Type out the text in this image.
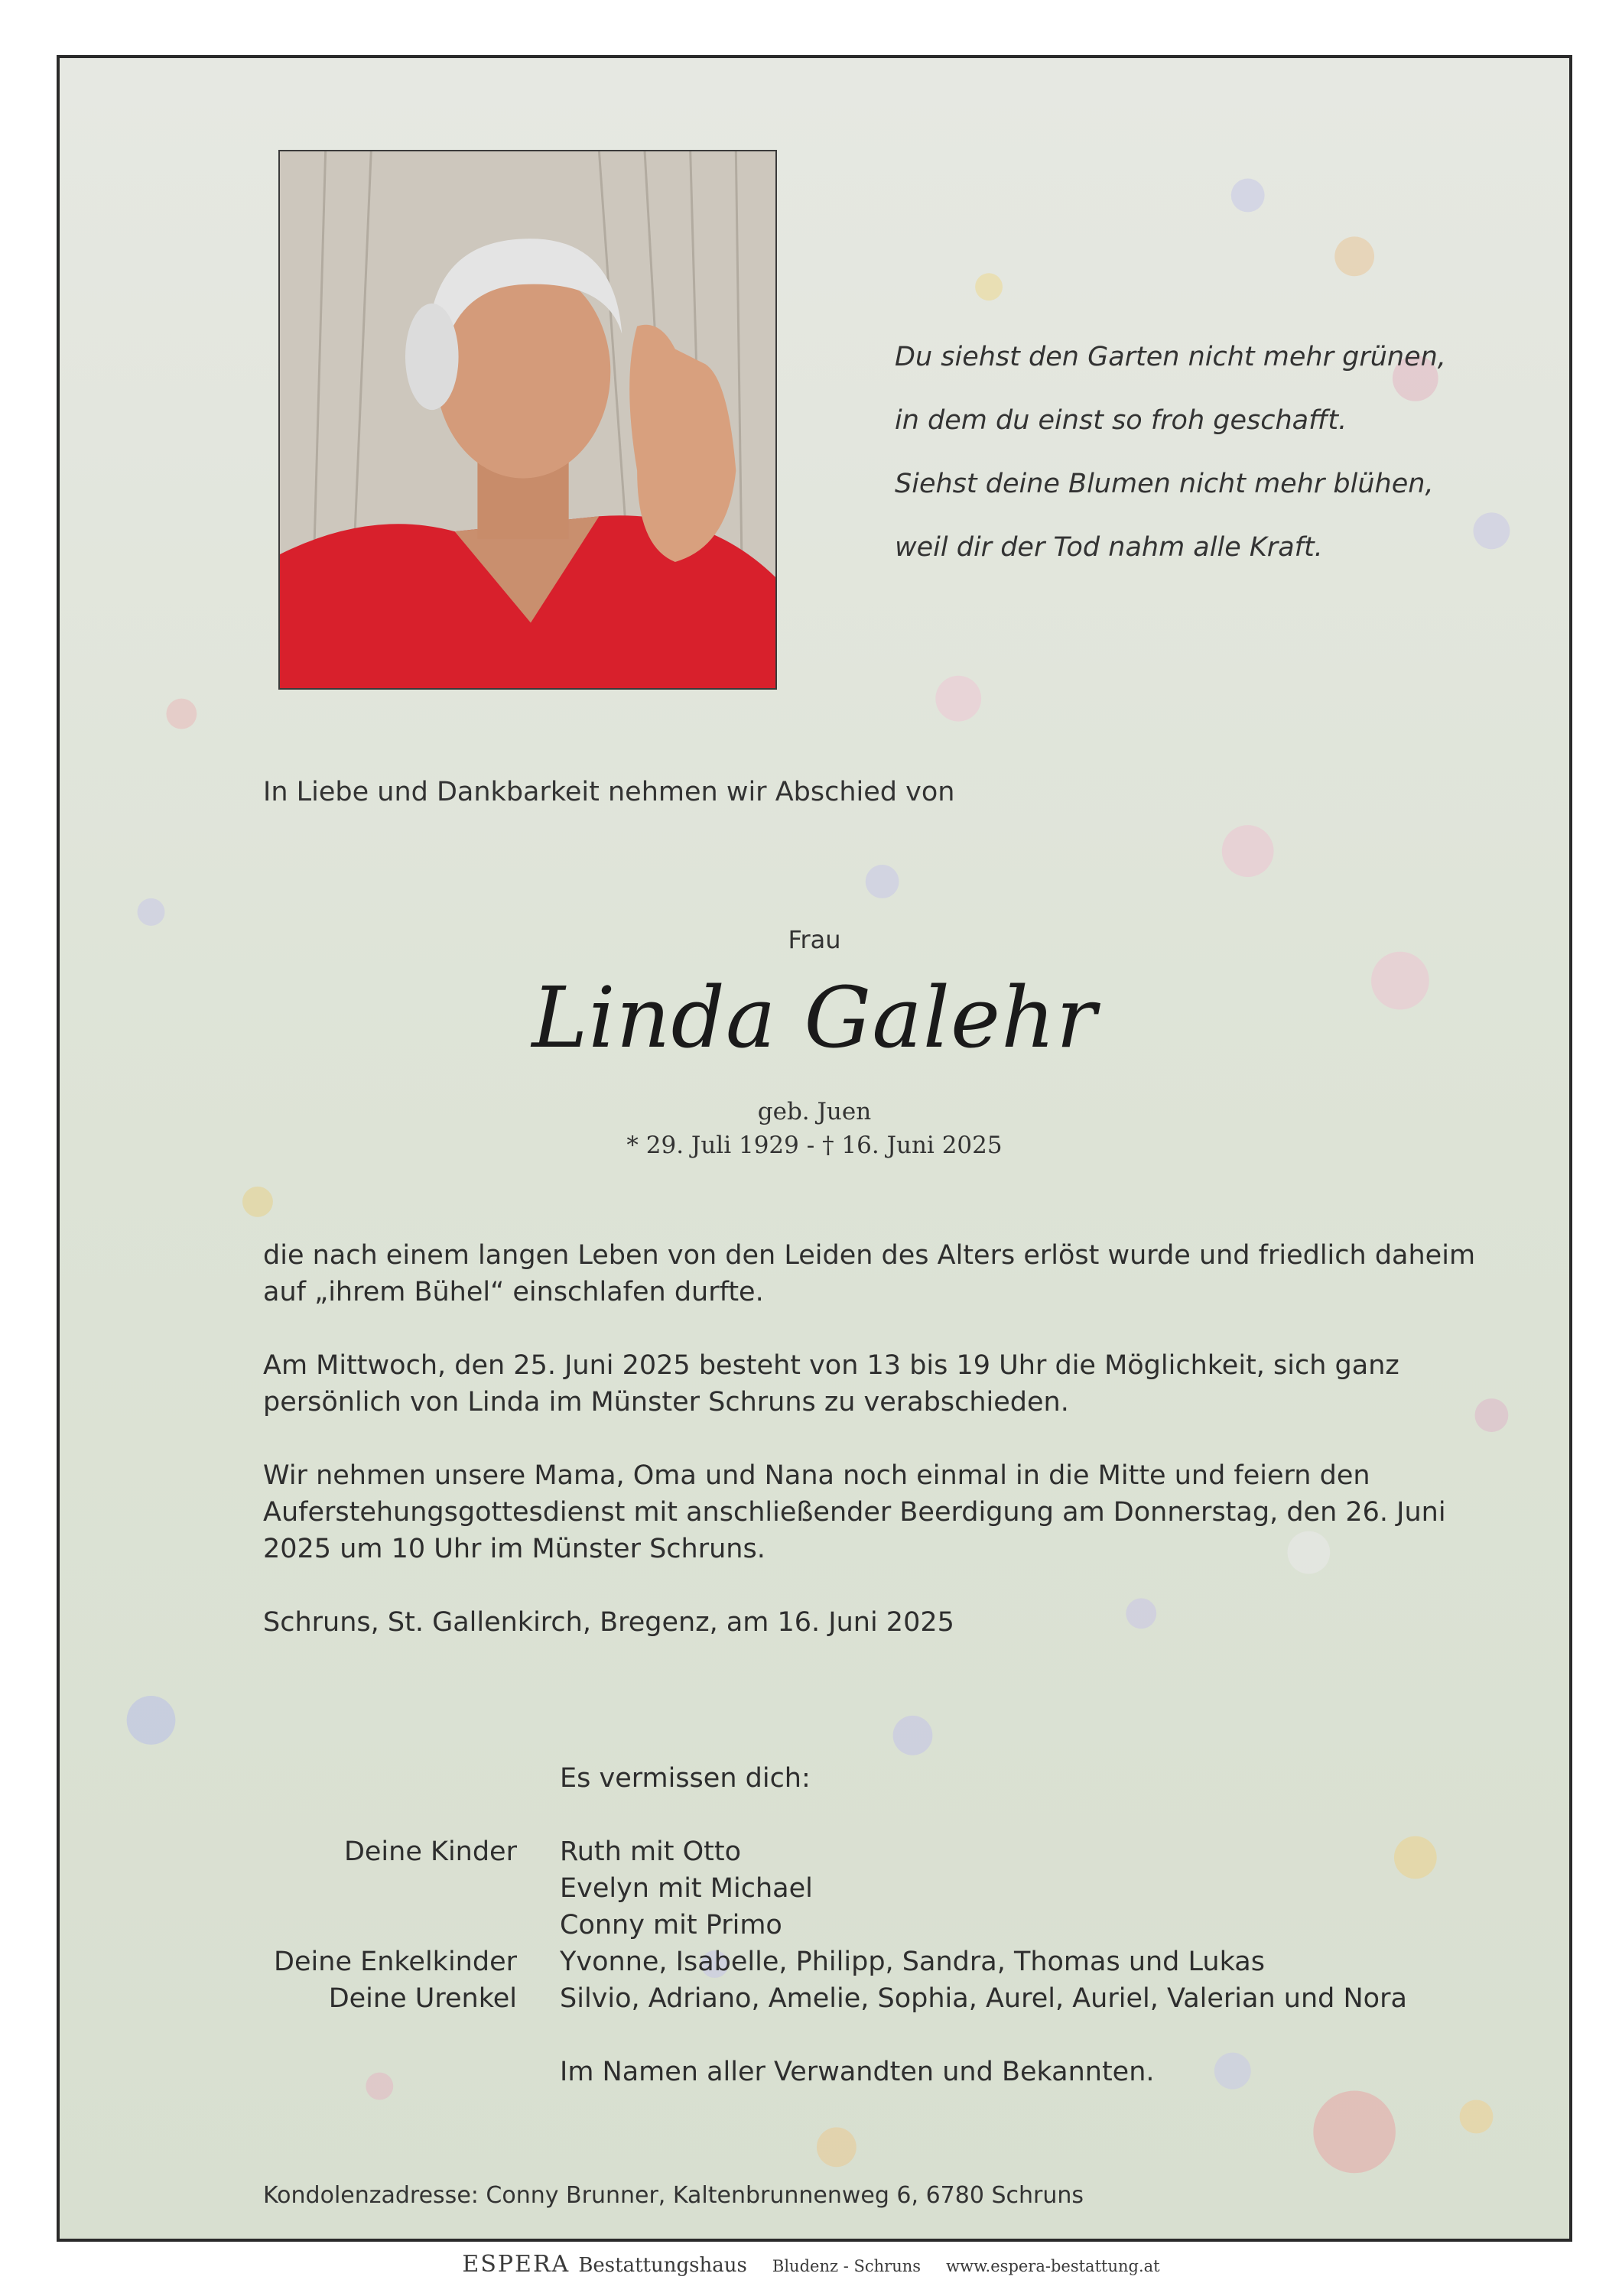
Du siehst den Garten nicht mehr grünen,
in dem du einst so froh geschafft.
Siehst deine Blumen nicht mehr blühen,
weil dir der Tod nahm alle Kraft.
In Liebe und Dankbarkeit nehmen wir Abschied von
Frau
Linda Galehr
geb. Juen
* 29. Juli 1929 - † 16. Juni 2025

die nach einem langen Leben von den Leiden des Alters erlöst wurde und friedlich daheim auf „ihrem Bühel“ einschlafen durfte.

Am Mittwoch, den 25. Juni 2025 besteht von 13 bis 19 Uhr die Möglichkeit, sich ganz persönlich von Linda im Münster Schruns zu verabschieden.

Wir nehmen unsere Mama, Oma und Nana noch einmal in die Mitte und feiern den Auferstehungsgottesdienst mit anschließender Beerdigung am Donnerstag, den 26. Juni 2025 um 10 Uhr im Münster Schruns.

Schruns, St. Gallenkirch, Bregenz, am 16. Juni 2025

Es vermissen dich:
Deine Kinder Ruth mit Otto
Evelyn mit Michael
Conny mit Primo
Deine Enkelkinder Yvonne, Isabelle, Philipp, Sandra, Thomas und Lukas
Deine Urenkel Silvio, Adriano, Amelie, Sophia, Aurel, Auriel, Valerian und Nora
Im Namen aller Verwandten und Bekannten.
Kondolenzadresse: Conny Brunner, Kaltenbrunnenweg 6, 6780 Schruns
ESPERA Bestattungshaus Bludenz - Schruns www.espera-bestattung.at
